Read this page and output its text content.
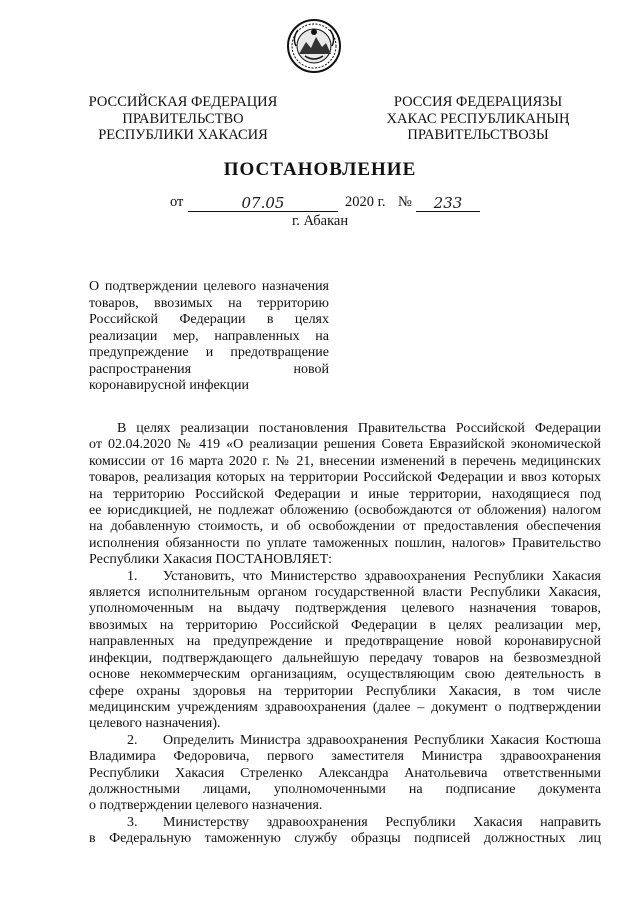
РОССИЙСКАЯ ФЕДЕРАЦИЯ
ПРАВИТЕЛЬСТВО
РЕСПУБЛИКИ ХАКАСИЯ
РОССИЯ ФЕДЕРАЦИЯЗЫ
ХАКАС РЕСПУБЛИКАНЫҢ
ПРАВИТЕЛЬСТВОЗЫ
ПОСТАНОВЛЕНИЕ
от	07.05	2020 г. №	233
г. Абакан
О подтверждении целевого назначения
товаров, ввозимых на территорию
Российской Федерации в целях
реализации мер, направленных на
предупреждение и предотвращение
распространения новой
коронавирусной инфекции
В целях реализации постановления Правительства Российской Федерации
от 02.04.2020 № 419 «О реализации решения Совета Евразийской экономической
комиссии от 16 марта 2020 г. № 21, внесении изменений в перечень медицинских
товаров, реализация которых на территории Российской Федерации и ввоз которых
на территорию Российской Федерации и иные территории, находящиеся под
ее юрисдикцией, не подлежат обложению (освобождаются от обложения) налогом
на добавленную стоимость, и об освобождении от предоставления обеспечения
исполнения обязанности по уплате таможенных пошлин, налогов» Правительство
Республики Хакасия ПОСТАНОВЛЯЕТ:
1.	Установить, что Министерство здравоохранения Республики Хакасия
является исполнительным органом государственной власти Республики Хакасия,
уполномоченным на выдачу подтверждения целевого назначения товаров,
ввозимых на территорию Российской Федерации в целях реализации мер,
направленных на предупреждение и предотвращение новой коронавирусной
инфекции, подтверждающего дальнейшую передачу товаров на безвозмездной
основе некоммерческим организациям, осуществляющим свою деятельность в
сфере охраны здоровья на территории Республики Хакасия, в том числе
медицинским учреждениям здравоохранения (далее – документ о подтверждении
целевого назначения).
2.	Определить Министра здравоохранения Республики Хакасия Костюша
Владимира Федоровича, первого заместителя Министра здравоохранения
Республики Хакасия Стреленко Александра Анатольевича ответственными
должностными лицами, уполномоченными на подписание документа
о подтверждении целевого назначения.
3.	Министерству здравоохранения Республики Хакасия направить
в Федеральную таможенную службу образцы подписей должностных лиц
